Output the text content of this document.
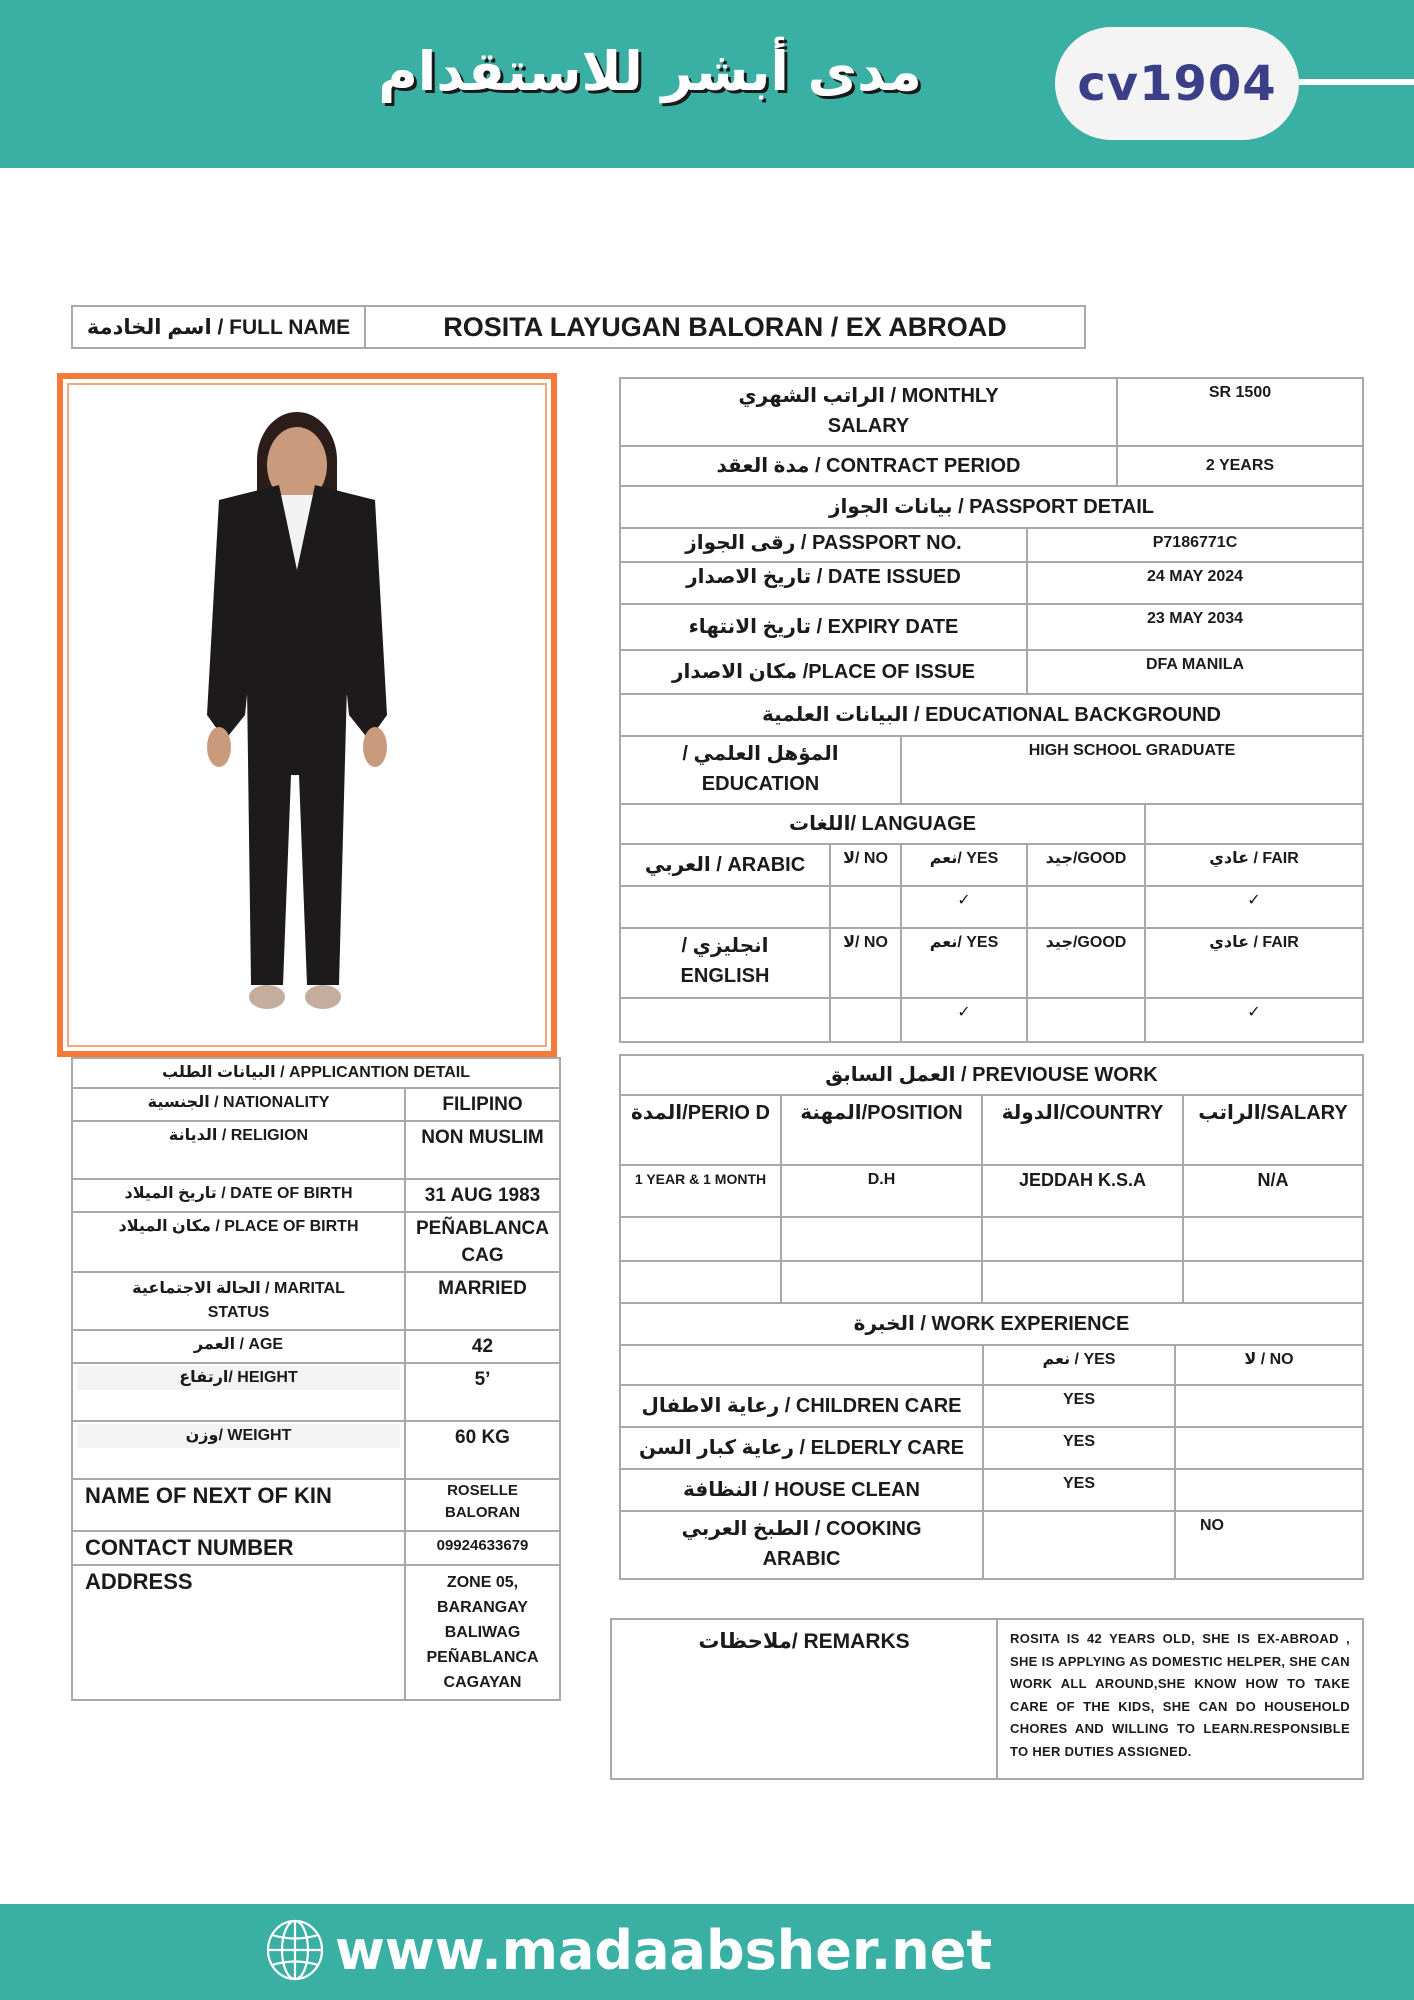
مدى أبشر للاستقدام	cv1904
اسم الخادمة / FULL NAME	ROSITA LAYUGAN BALORAN / EX ABROAD
البيانات الطلب / APPLICANTION DETAIL	
الجنسية / NATIONALITY	FILIPINO
الديانة / RELIGION	NON MUSLIM
تاريخ الميلاد / DATE OF BIRTH	31 AUG 1983
مكان الميلاد / PLACE OF BIRTH	PEÑABLANCA CAG
الحالة الاجتماعية / MARITAL STATUS	MARRIED
العمر / AGE	42
ارتفاع/ HEIGHT	5’
وزن/ WEIGHT	60 KG
NAME OF NEXT OF KIN	ROSELLE BALORAN
CONTACT NUMBER	09924633679
ADDRESS	ZONE 05, BARANGAY BALIWAG PEÑABLANCA CAGAYAN
الراتب الشهري / MONTHLY
SALARY				SR 1500	
مدة العقد / CONTRACT PERIOD				2 YEARS	
بيانات الجواز / PASSPORT DETAIL					
رقى الجواز / PASSPORT NO.			P7186771C		
تاريخ الاصدار / DATE ISSUED			24 MAY 2024		
تاريخ الانتهاء / EXPIRY DATE			23 MAY 2034		
مكان الاصدار /PLACE OF ISSUE			DFA MANILA		
البيانات العلمية / EDUCATIONAL BACKGROUND					

/ المؤهل العلمي
EDUCATION		HIGH SCHOOL GRADUATE			
اللغات/ LANGUAGE					
العربي / ARABIC	لا/ NO	نعم/ YES	جيد/GOOD		عادي / FAIR
		✓			✓

/ انجليزي
ENGLISH	لا/ NO	نعم/ YES	جيد/GOOD		عادي / FAIR
		✓			✓
العمل السابق / PREVIOUSE WORK			
المدة/PERIO D	المهنة/POSITION	الدولة/COUNTRY	الراتب/SALARY
1 YEAR & 1 MONTH	D.H	JEDDAH K.S.A	N/A

الخبرة / WORK EXPERIENCE		
	نعم / YES	لا / NO
رعاية الاطفال / CHILDREN CARE	YES	
رعاية كبار السن / ELDERLY CARE	YES	
النظافة / HOUSE CLEAN	YES	
الطبخ العربي / COOKING ARABIC		NO
ملاحظات/ REMARKS	ROSITA IS 42 YEARS OLD, SHE IS EX-ABROAD , SHE IS APPLYING AS DOMESTIC HELPER, SHE CAN WORK ALL AROUND,SHE KNOW HOW TO TAKE CARE OF THE KIDS, SHE CAN DO HOUSEHOLD CHORES AND WILLING TO LEARN.RESPONSIBLE TO HER DUTIES ASSIGNED.
www.madaabsher.net
